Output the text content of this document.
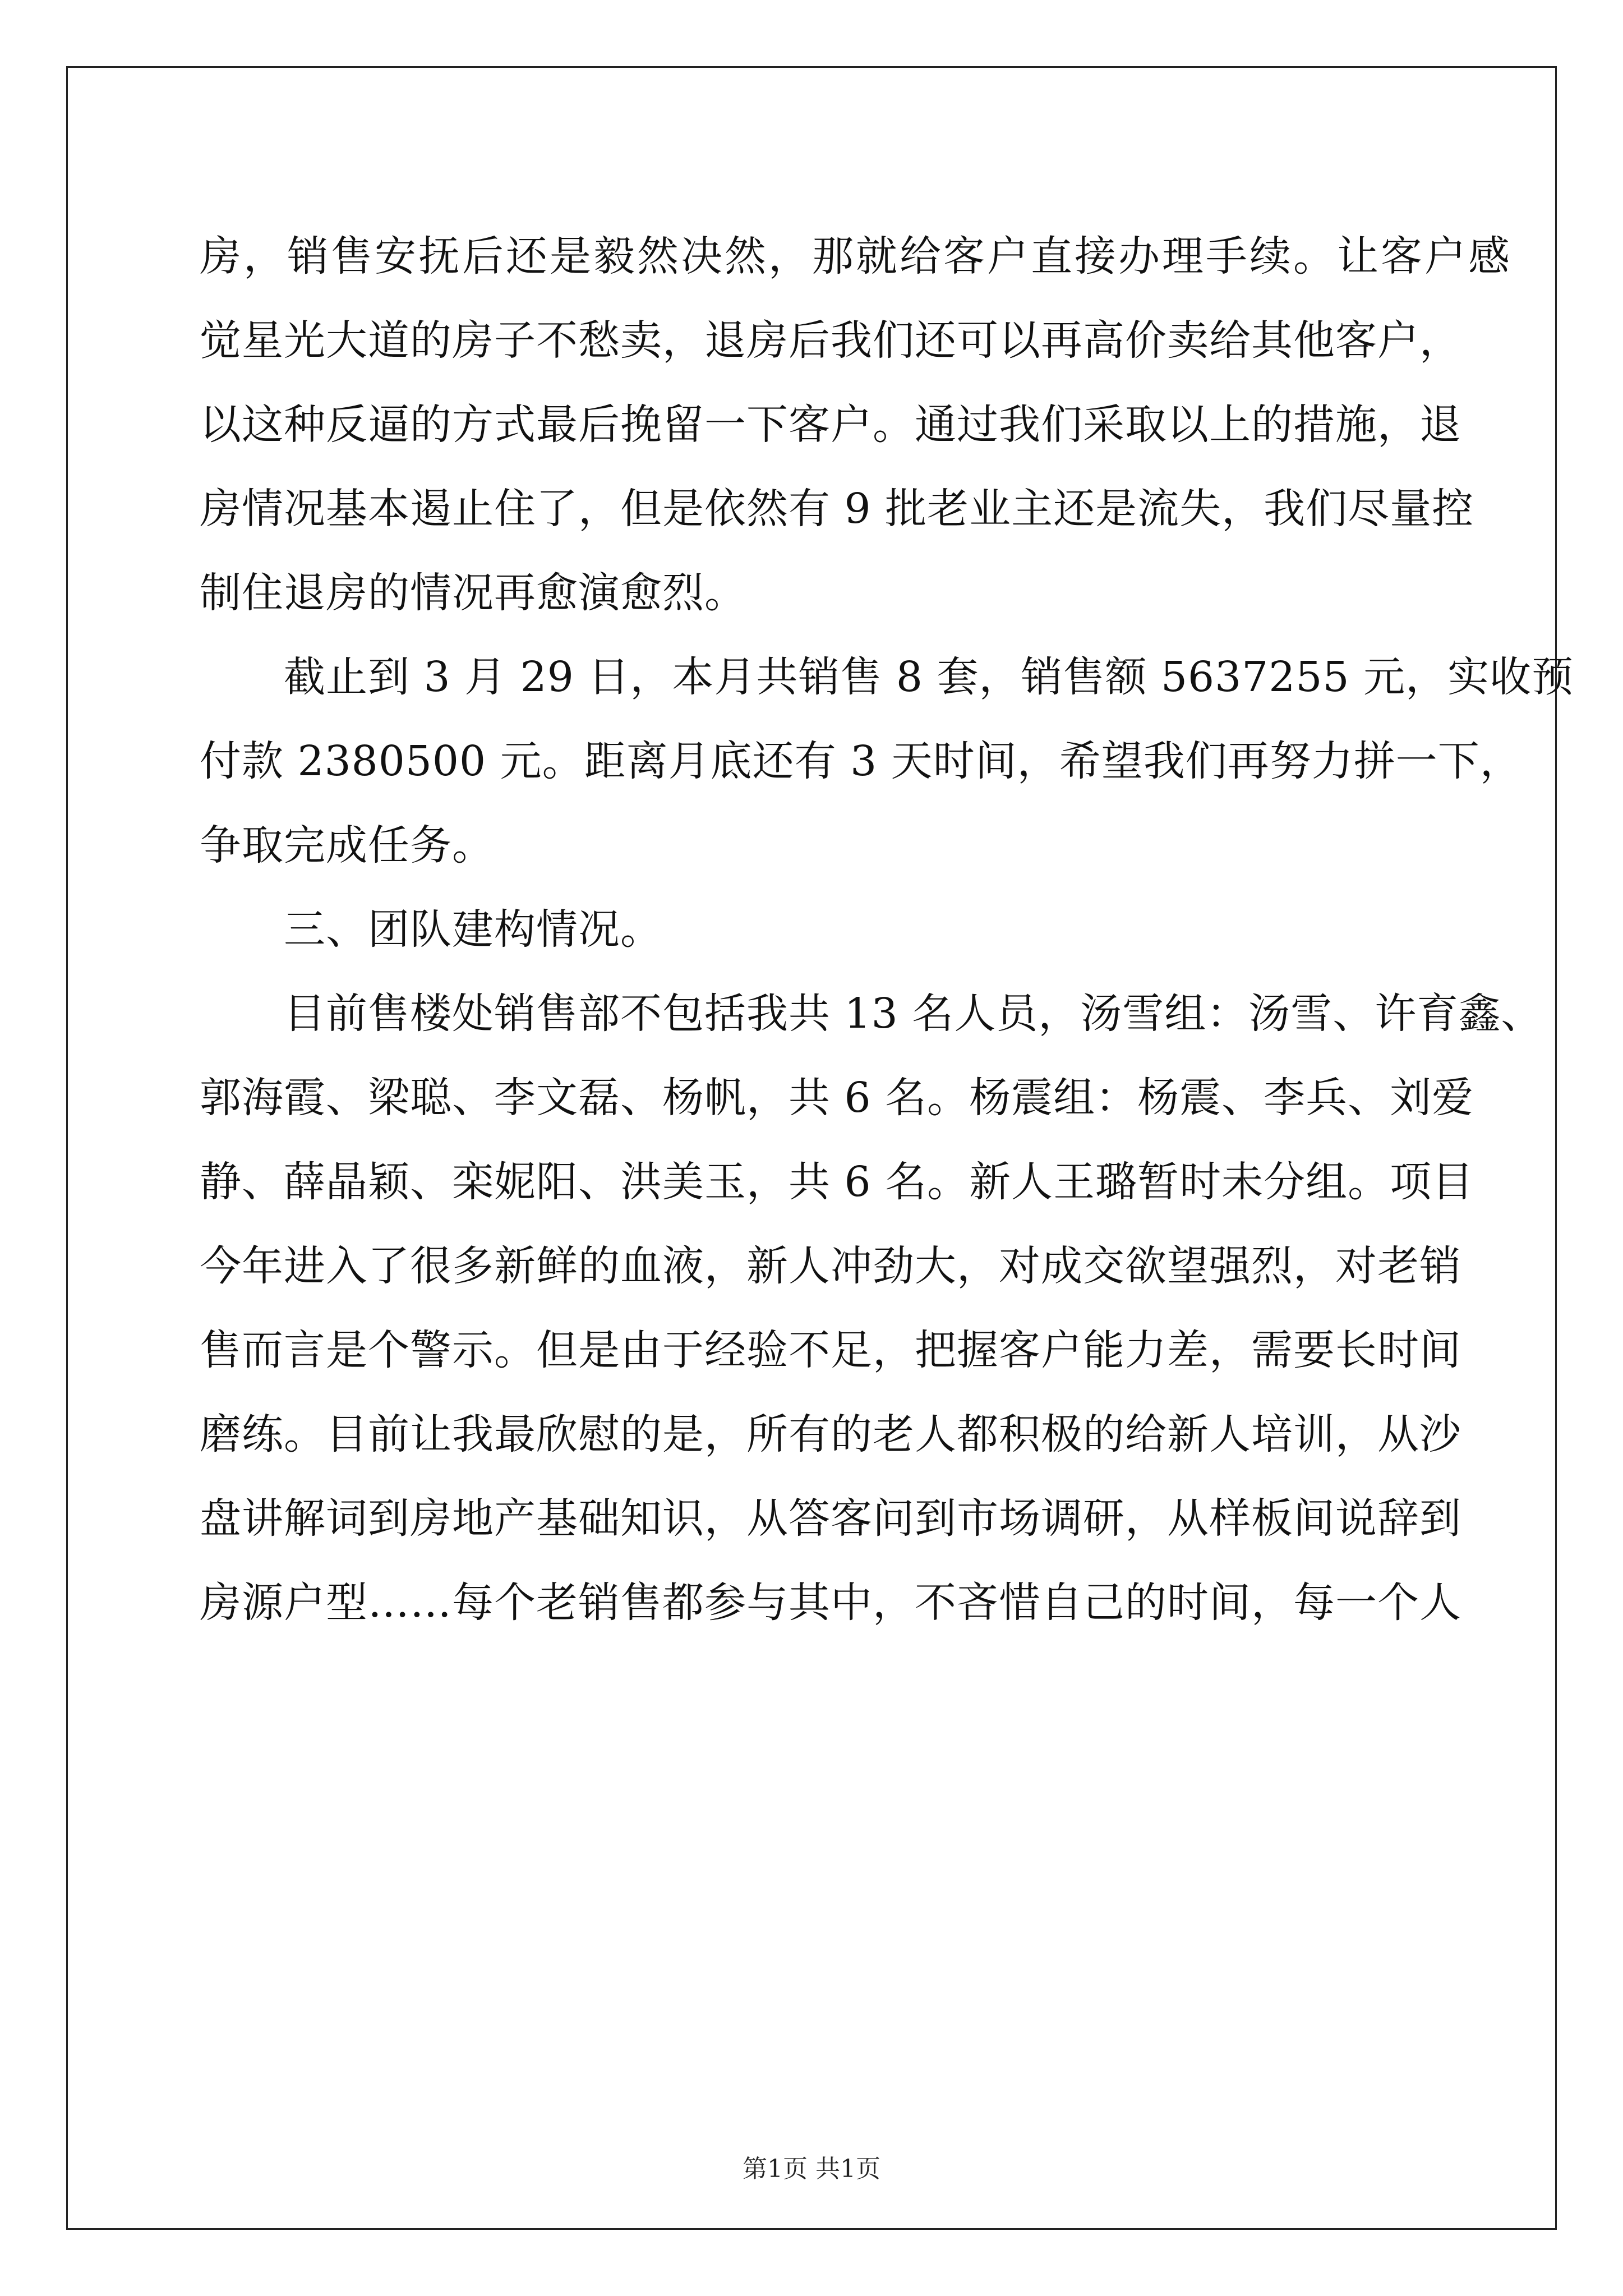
房，销售安抚后还是毅然决然，那就给客户直接办理手续。让客户感
觉星光大道的房子不愁卖，退房后我们还可以再高价卖给其他客户，
以这种反逼的方式最后挽留一下客户。通过我们采取以上的措施，退
房情况基本遏止住了，但是依然有 9 批老业主还是流失，我们尽量控
制住退房的情况再愈演愈烈。
截止到 3 月 29 日，本月共销售 8 套，销售额 5637255 元，实收预
付款 2380500 元。距离月底还有 3 天时间，希望我们再努力拼一下，
争取完成任务。
三、团队建构情况。
目前售楼处销售部不包括我共 13 名人员，汤雪组：汤雪、许育鑫、
郭海霞、梁聪、李文磊、杨帆，共 6 名。杨震组：杨震、李兵、刘爱
静、薛晶颖、栾妮阳、洪美玉，共 6 名。新人王璐暂时未分组。项目
今年进入了很多新鲜的血液，新人冲劲大，对成交欲望强烈，对老销
售而言是个警示。但是由于经验不足，把握客户能力差，需要长时间
磨练。目前让我最欣慰的是，所有的老人都积极的给新人培训，从沙
盘讲解词到房地产基础知识，从答客问到市场调研，从样板间说辞到
房源户型……每个老销售都参与其中，不吝惜自己的时间，每一个人
第1页 共1页
